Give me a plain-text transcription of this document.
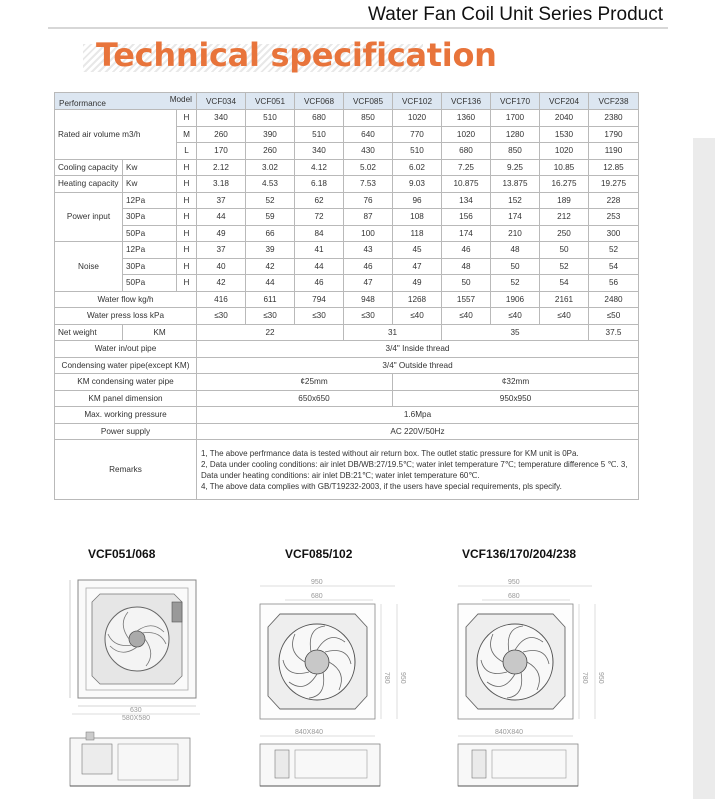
Water Fan Coil Unit Series Product
Technical specification
Performance Model			VCF034	VCF051	VCF068	VCF085	VCF102	VCF136	VCF170	VCF204	VCF238
Rated air volume m3/h		H	340	510	680	850	1020	1360	1700	2040	2380
		M	260	390	510	640	770	1020	1280	1530	1790
		L	170	260	340	430	510	680	850	1020	1190
Cooling capacity	Kw	H	2.12	3.02	4.12	5.02	6.02	7.25	9.25	10.85	12.85
Heating capacity	Kw	H	3.18	4.53	6.18	7.53	9.03	10.875	13.875	16.275	19.275
Power input	12Pa	H	37	52	62	76	96	134	152	189	228
	30Pa	H	44	59	72	87	108	156	174	212	253
	50Pa	H	49	66	84	100	118	174	210	250	300
Noise	12Pa	H	37	39	41	43	45	46	48	50	52
	30Pa	H	40	42	44	46	47	48	50	52	54
	50Pa	H	42	44	46	47	49	50	52	54	56
Water flow kg/h			416	611	794	948	1268	1557	1906	2161	2480
Water press loss kPa			≤30	≤30	≤30	≤30	≤40	≤40	≤40	≤40	≤50
Net weight	KM		22			31		35			37.5
Water in/out pipe			3/4" Inside thread								
Condensing water pipe(except KM)			3/4" Outside thread								
KM condensing water pipe			¢25mm				¢32mm				
KM panel dimension			650x650				950x950				
Max. working pressure			1.6Mpa								
Power supply			AC 220V/50Hz								
Remarks			1, The above perfrmance data is tested without air return box. The outlet static pressure for KM unit is 0Pa.
2, Data under cooling conditions: air inlet DB/WB:27/19.5℃; water inlet temperature 7℃; temperature difference 5 ℃. 3, Data under heating conditions: air inlet DB:21℃; water inlet temperature 60℃.
4, The above data complies with GB/T19232-2003, if the users have special requirements, pls specify.								
VCF051/068	VCF085/102	VCF136/170/204/238
580X580
630
950
680
780 950
840X840
950
680
780 950
840X840
